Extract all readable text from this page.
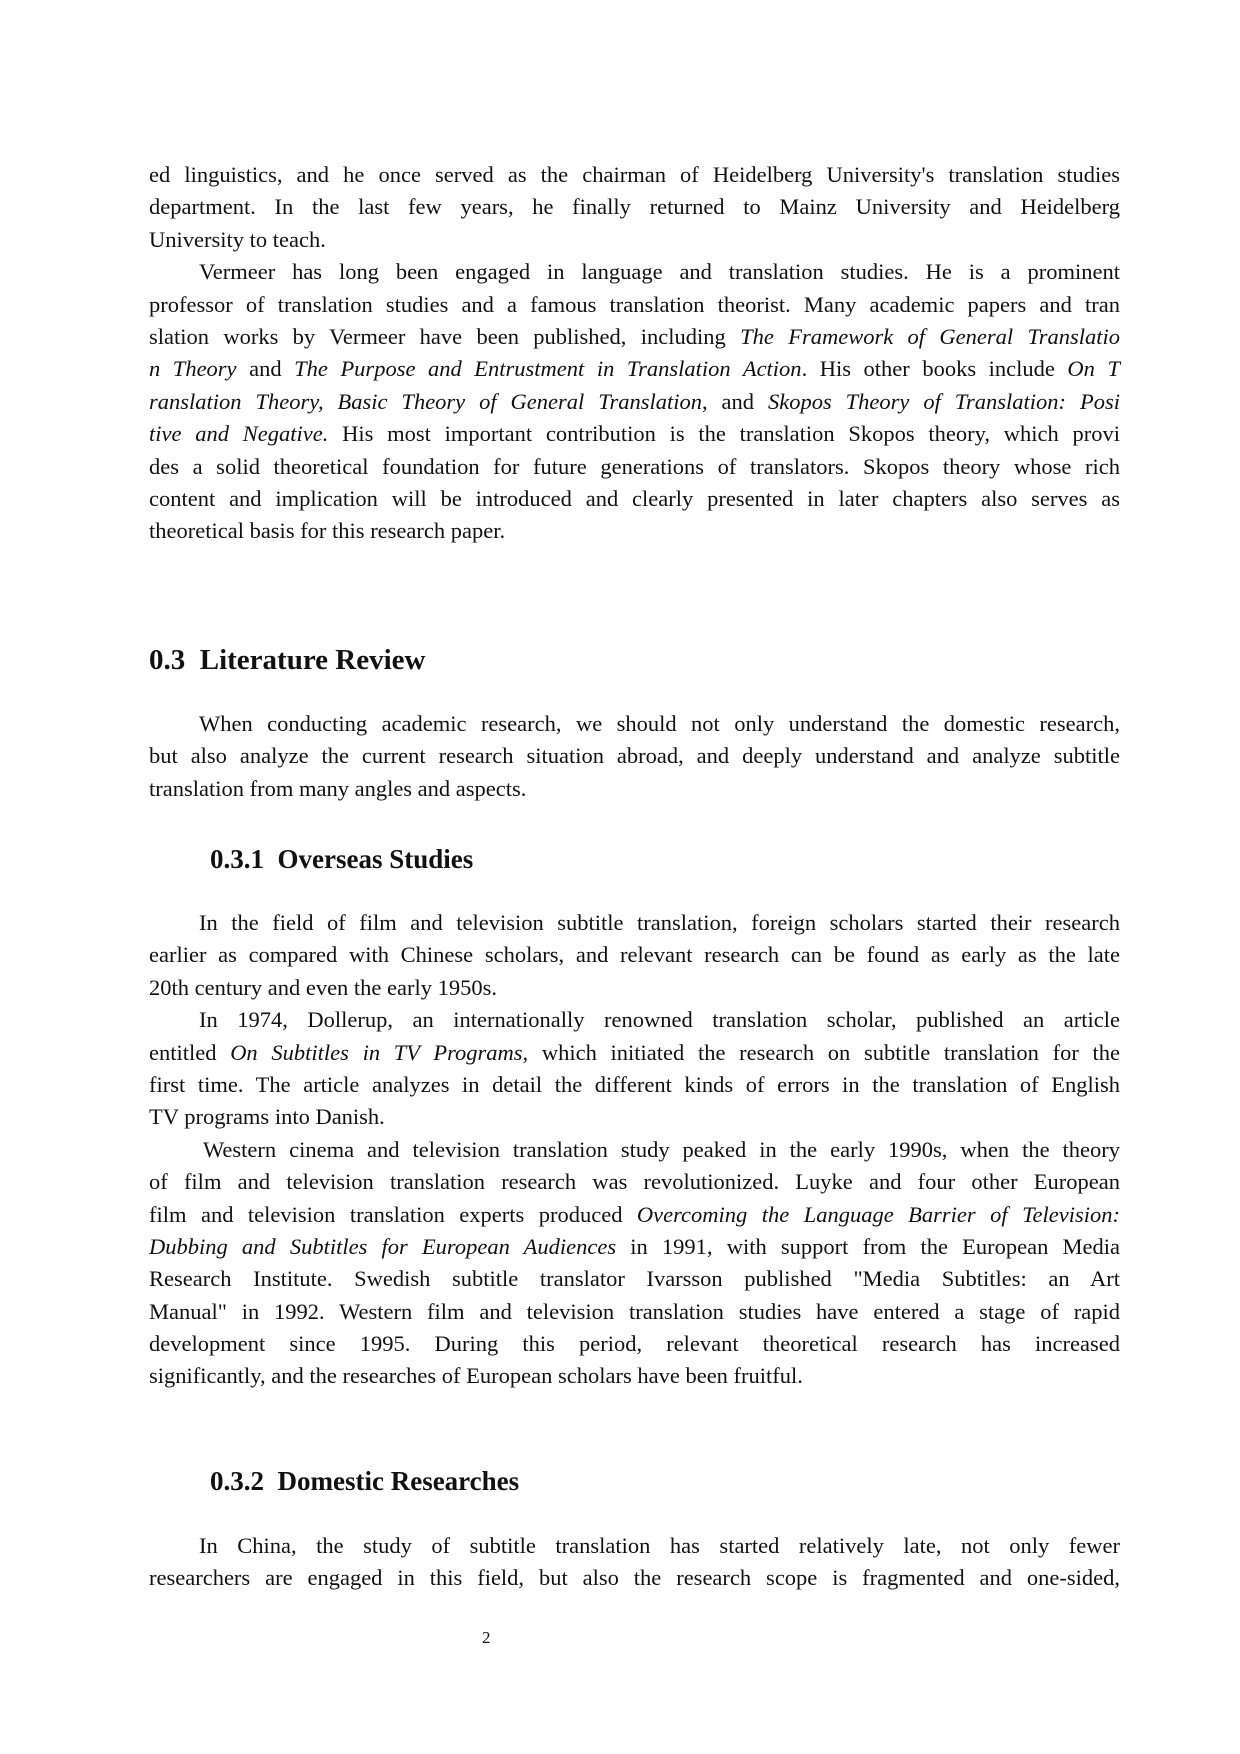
ed linguistics, and he once served as the chairman of Heidelberg University's translation studies
department. In the last few years, he finally returned to Mainz University and Heidelberg
University to teach.
Vermeer has long been engaged in language and translation studies. He is a prominent
professor of translation studies and a famous translation theorist. Many academic papers and tran
slation works by Vermeer have been published, including The Framework of General Translatio
n Theory and The Purpose and Entrustment in Translation Action. His other books include On T
ranslation Theory, Basic Theory of General Translation, and Skopos Theory of Translation: Posi
tive and Negative. His most important contribution is the translation Skopos theory, which provi
des a solid theoretical foundation for future generations of translators. Skopos theory whose rich
content and implication will be introduced and clearly presented in later chapters also serves as
theoretical basis for this research paper.
0.3  Literature Review
When conducting academic research, we should not only understand the domestic research,
but also analyze the current research situation abroad, and deeply understand and analyze subtitle
translation from many angles and aspects.
0.3.1  Overseas Studies
In the field of film and television subtitle translation, foreign scholars started their research
earlier as compared with Chinese scholars, and relevant research can be found as early as the late
20th century and even the early 1950s.
In 1974, Dollerup, an internationally renowned translation scholar, published an article
entitled On Subtitles in TV Programs, which initiated the research on subtitle translation for the
first time. The article analyzes in detail the different kinds of errors in the translation of English
TV programs into Danish.
Western cinema and television translation study peaked in the early 1990s, when the theory
of film and television translation research was revolutionized. Luyke and four other European
film and television translation experts produced Overcoming the Language Barrier of Television:
Dubbing and Subtitles for European Audiences in 1991, with support from the European Media
Research Institute. Swedish subtitle translator Ivarsson published "Media Subtitles: an Art
Manual" in 1992. Western film and television translation studies have entered a stage of rapid
development since 1995. During this period, relevant theoretical research has increased
significantly, and the researches of European scholars have been fruitful.
0.3.2  Domestic Researches
In China, the study of subtitle translation has started relatively late, not only fewer
researchers are engaged in this field, but also the research scope is fragmented and one-sided,
2
